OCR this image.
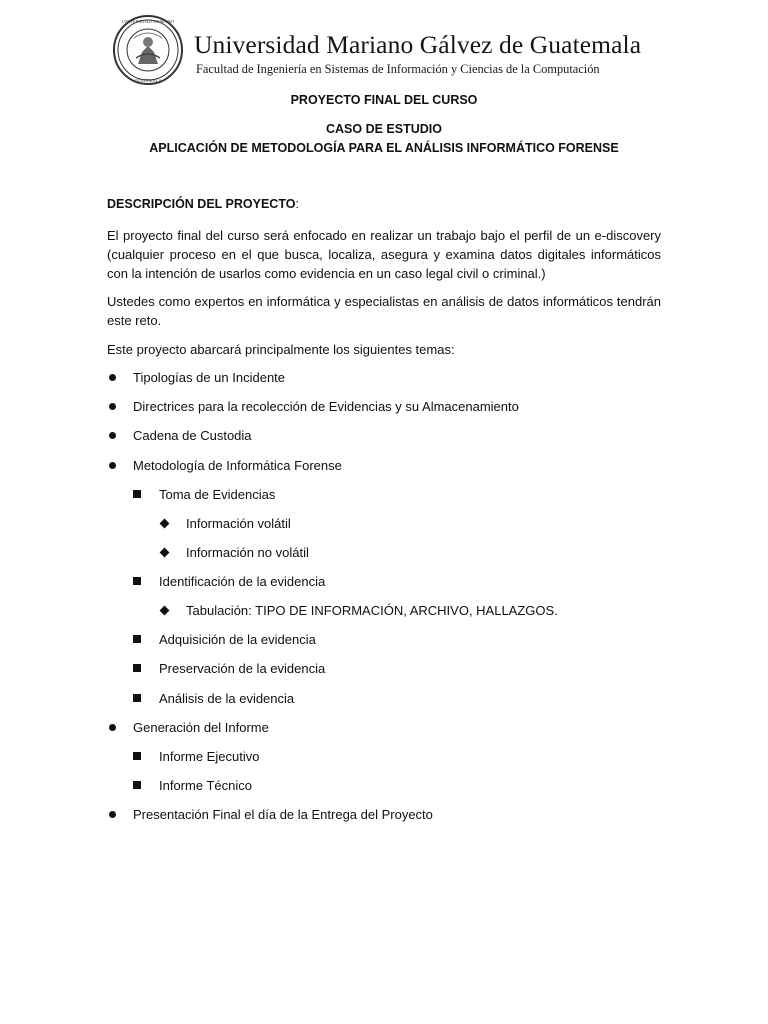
UNIVERSIDAD MARIANO
GUATEMALA
Universidad Mariano Gálvez de Guatemala
Facultad de Ingeniería en Sistemas de Información y Ciencias de la Computación
PROYECTO FINAL DEL CURSO
CASO DE ESTUDIO
APLICACIÓN DE METODOLOGÍA PARA EL ANÁLISIS INFORMÁTICO FORENSE
DESCRIPCIÓN DEL PROYECTO:
El proyecto final del curso será enfocado en realizar un trabajo bajo el perfil de un e-discovery (cualquier proceso en el que busca, localiza, asegura y examina datos digitales informáticos con la intención de usarlos como evidencia en un caso legal civil o criminal.)
Ustedes como expertos en informática y especialistas en análisis de datos informáticos tendrán este reto.
Este proyecto abarcará principalmente los siguientes temas:
Tipologías de un Incidente
Directrices para la recolección de Evidencias y su Almacenamiento
Cadena de Custodia
Metodología de Informática Forense
Toma de Evidencias
Información volátil
Información no volátil
Identificación de la evidencia
Tabulación: TIPO DE INFORMACIÓN, ARCHIVO, HALLAZGOS.
Adquisición de la evidencia
Preservación de la evidencia
Análisis de la evidencia
Generación del Informe
Informe Ejecutivo
Informe Técnico
Presentación Final el día de la Entrega del Proyecto
